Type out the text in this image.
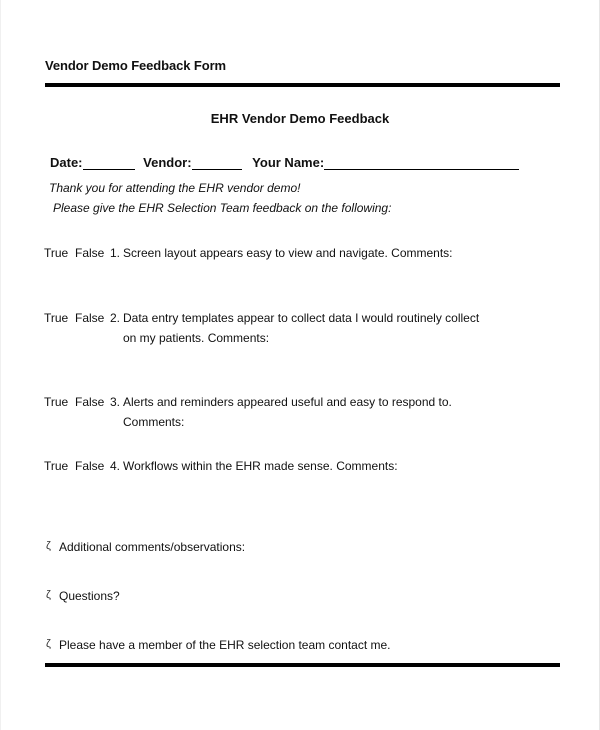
Vendor Demo Feedback Form
EHR Vendor Demo Feedback
Date:	Vendor:	Your Name:
Thank you for attending the EHR vendor demo!
Please give the EHR Selection Team feedback on the following:
True False 1. Screen layout appears easy to view and navigate. Comments:
True False 2. Data entry templates appear to collect data I would routinely collect on my patients. Comments:
True False 3. Alerts and reminders appeared useful and easy to respond to. Comments:
True False 4. Workflows within the EHR made sense. Comments:
ζ Additional comments/observations:
ζ Questions?
ζ Please have a member of the EHR selection team contact me.
